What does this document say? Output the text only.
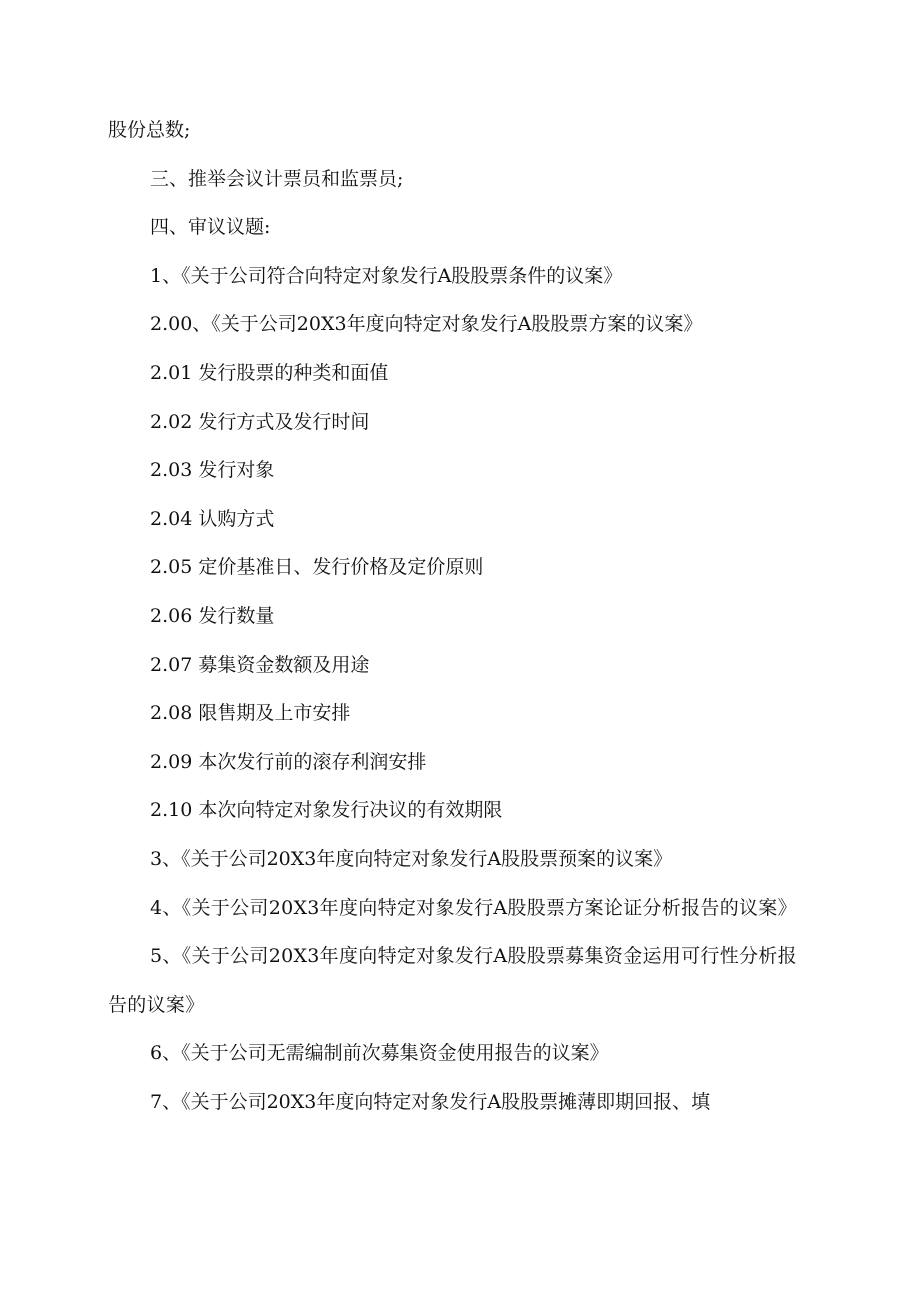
股份总数;
三、推举会议计票员和监票员;
四、审议议题:
1、《关于公司符合向特定对象发行A股股票条件的议案》
2.00、《关于公司20X3年度向特定对象发行A股股票方案的议案》
2.01 发行股票的种类和面值
2.02 发行方式及发行时间
2.03 发行对象
2.04 认购方式
2.05 定价基准日、发行价格及定价原则
2.06 发行数量
2.07 募集资金数额及用途
2.08 限售期及上市安排
2.09 本次发行前的滚存利润安排
2.10 本次向特定对象发行决议的有效期限
3、《关于公司20X3年度向特定对象发行A股股票预案的议案》
4、《关于公司20X3年度向特定对象发行A股股票方案论证分析报告的议案》
5、《关于公司20X3年度向特定对象发行A股股票募集资金运用可行性分析报告的议案》
6、《关于公司无需编制前次募集资金使用报告的议案》
7、《关于公司20X3年度向特定对象发行A股股票摊薄即期回报、填
